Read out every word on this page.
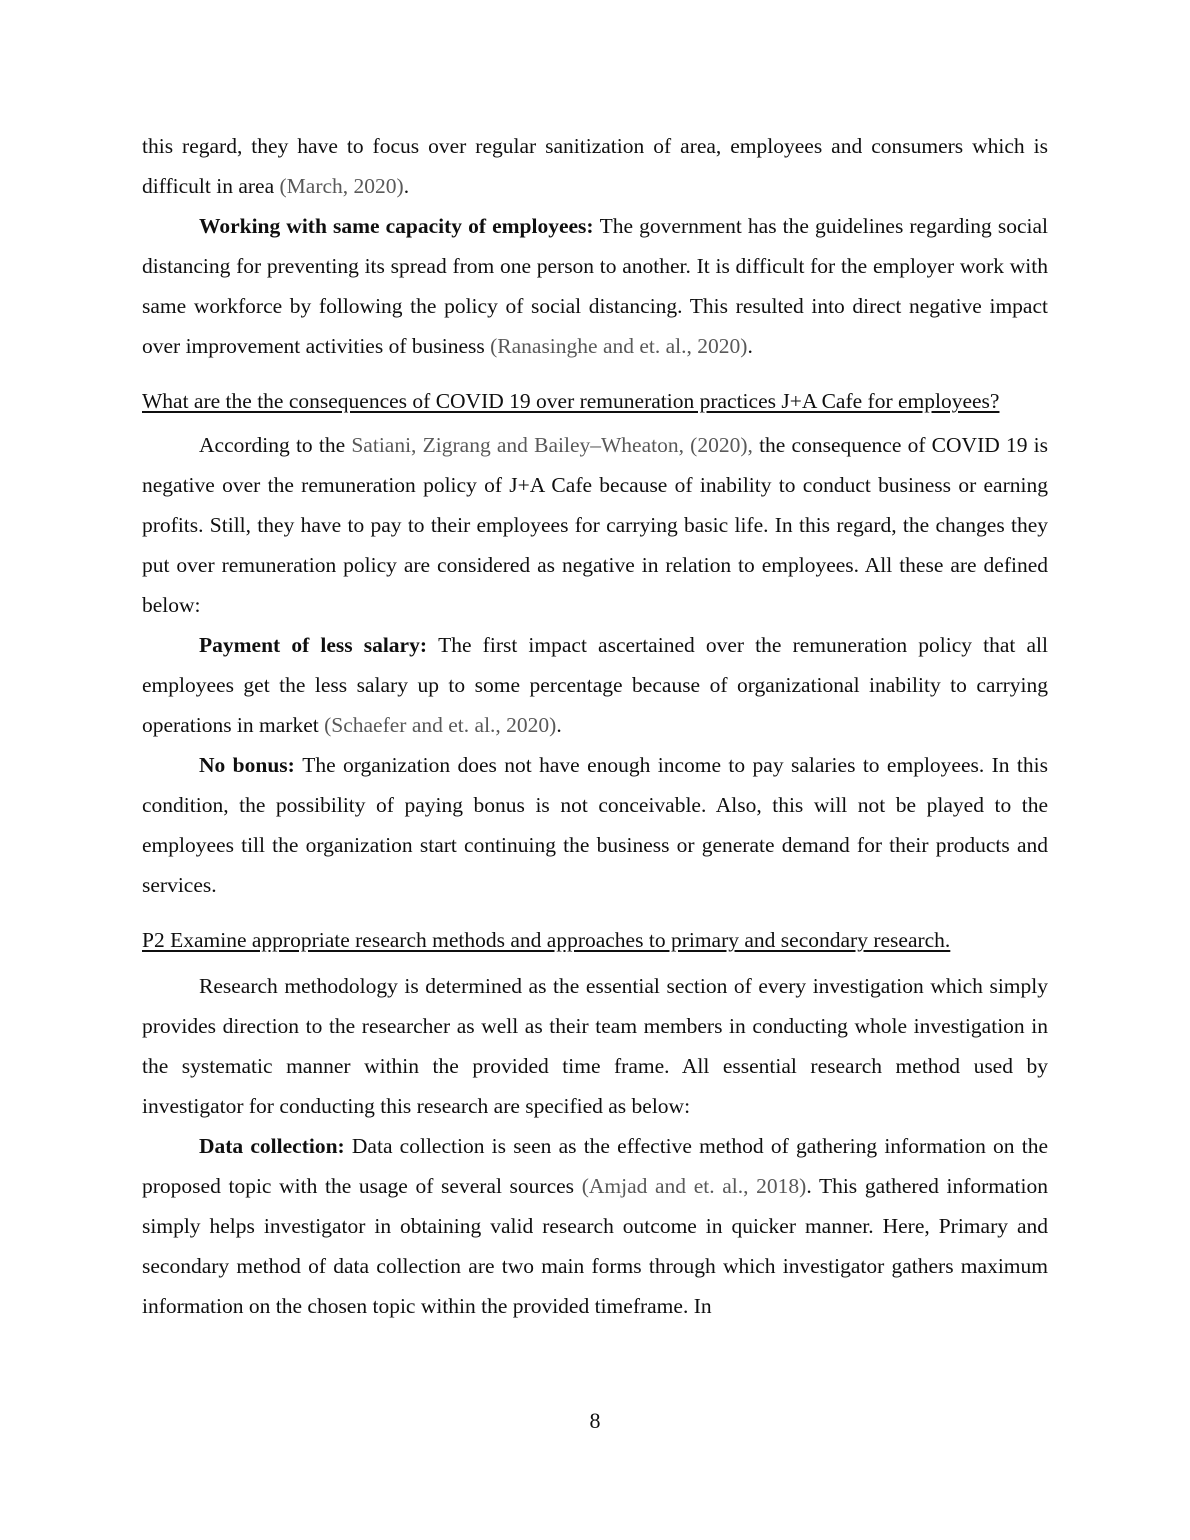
this regard, they have to focus over regular sanitization of area, employees and consumers which is difficult in area (March, 2020).

Working with same capacity of employees: The government has the guidelines regarding social distancing for preventing its spread from one person to another. It is difficult for the employer work with same workforce by following the policy of social distancing. This resulted into direct negative impact over improvement activities of business (Ranasinghe and et. al., 2020).

What are the the consequences of COVID 19 over remuneration practices J+A Cafe for employees?

According to the Satiani, Zigrang and Bailey–Wheaton, (2020), the consequence of COVID 19 is negative over the remuneration policy of J+A Cafe because of inability to conduct business or earning profits. Still, they have to pay to their employees for carrying basic life. In this regard, the changes they put over remuneration policy are considered as negative in relation to employees. All these are defined below:

Payment of less salary: The first impact ascertained over the remuneration policy that all employees get the less salary up to some percentage because of organizational inability to carrying operations in market (Schaefer and et. al., 2020).

No bonus: The organization does not have enough income to pay salaries to employees. In this condition, the possibility of paying bonus is not conceivable. Also, this will not be played to the employees till the organization start continuing the business or generate demand for their products and services.

P2 Examine appropriate research methods and approaches to primary and secondary research.

Research methodology is determined as the essential section of every investigation which simply provides direction to the researcher as well as their team members in conducting whole investigation in the systematic manner within the provided time frame. All essential research method used by investigator for conducting this research are specified as below:

Data collection: Data collection is seen as the effective method of gathering information on the proposed topic with the usage of several sources (Amjad and et. al., 2018). This gathered information simply helps investigator in obtaining valid research outcome in quicker manner. Here, Primary and secondary method of data collection are two main forms through which investigator gathers maximum information on the chosen topic within the provided timeframe. In

8
